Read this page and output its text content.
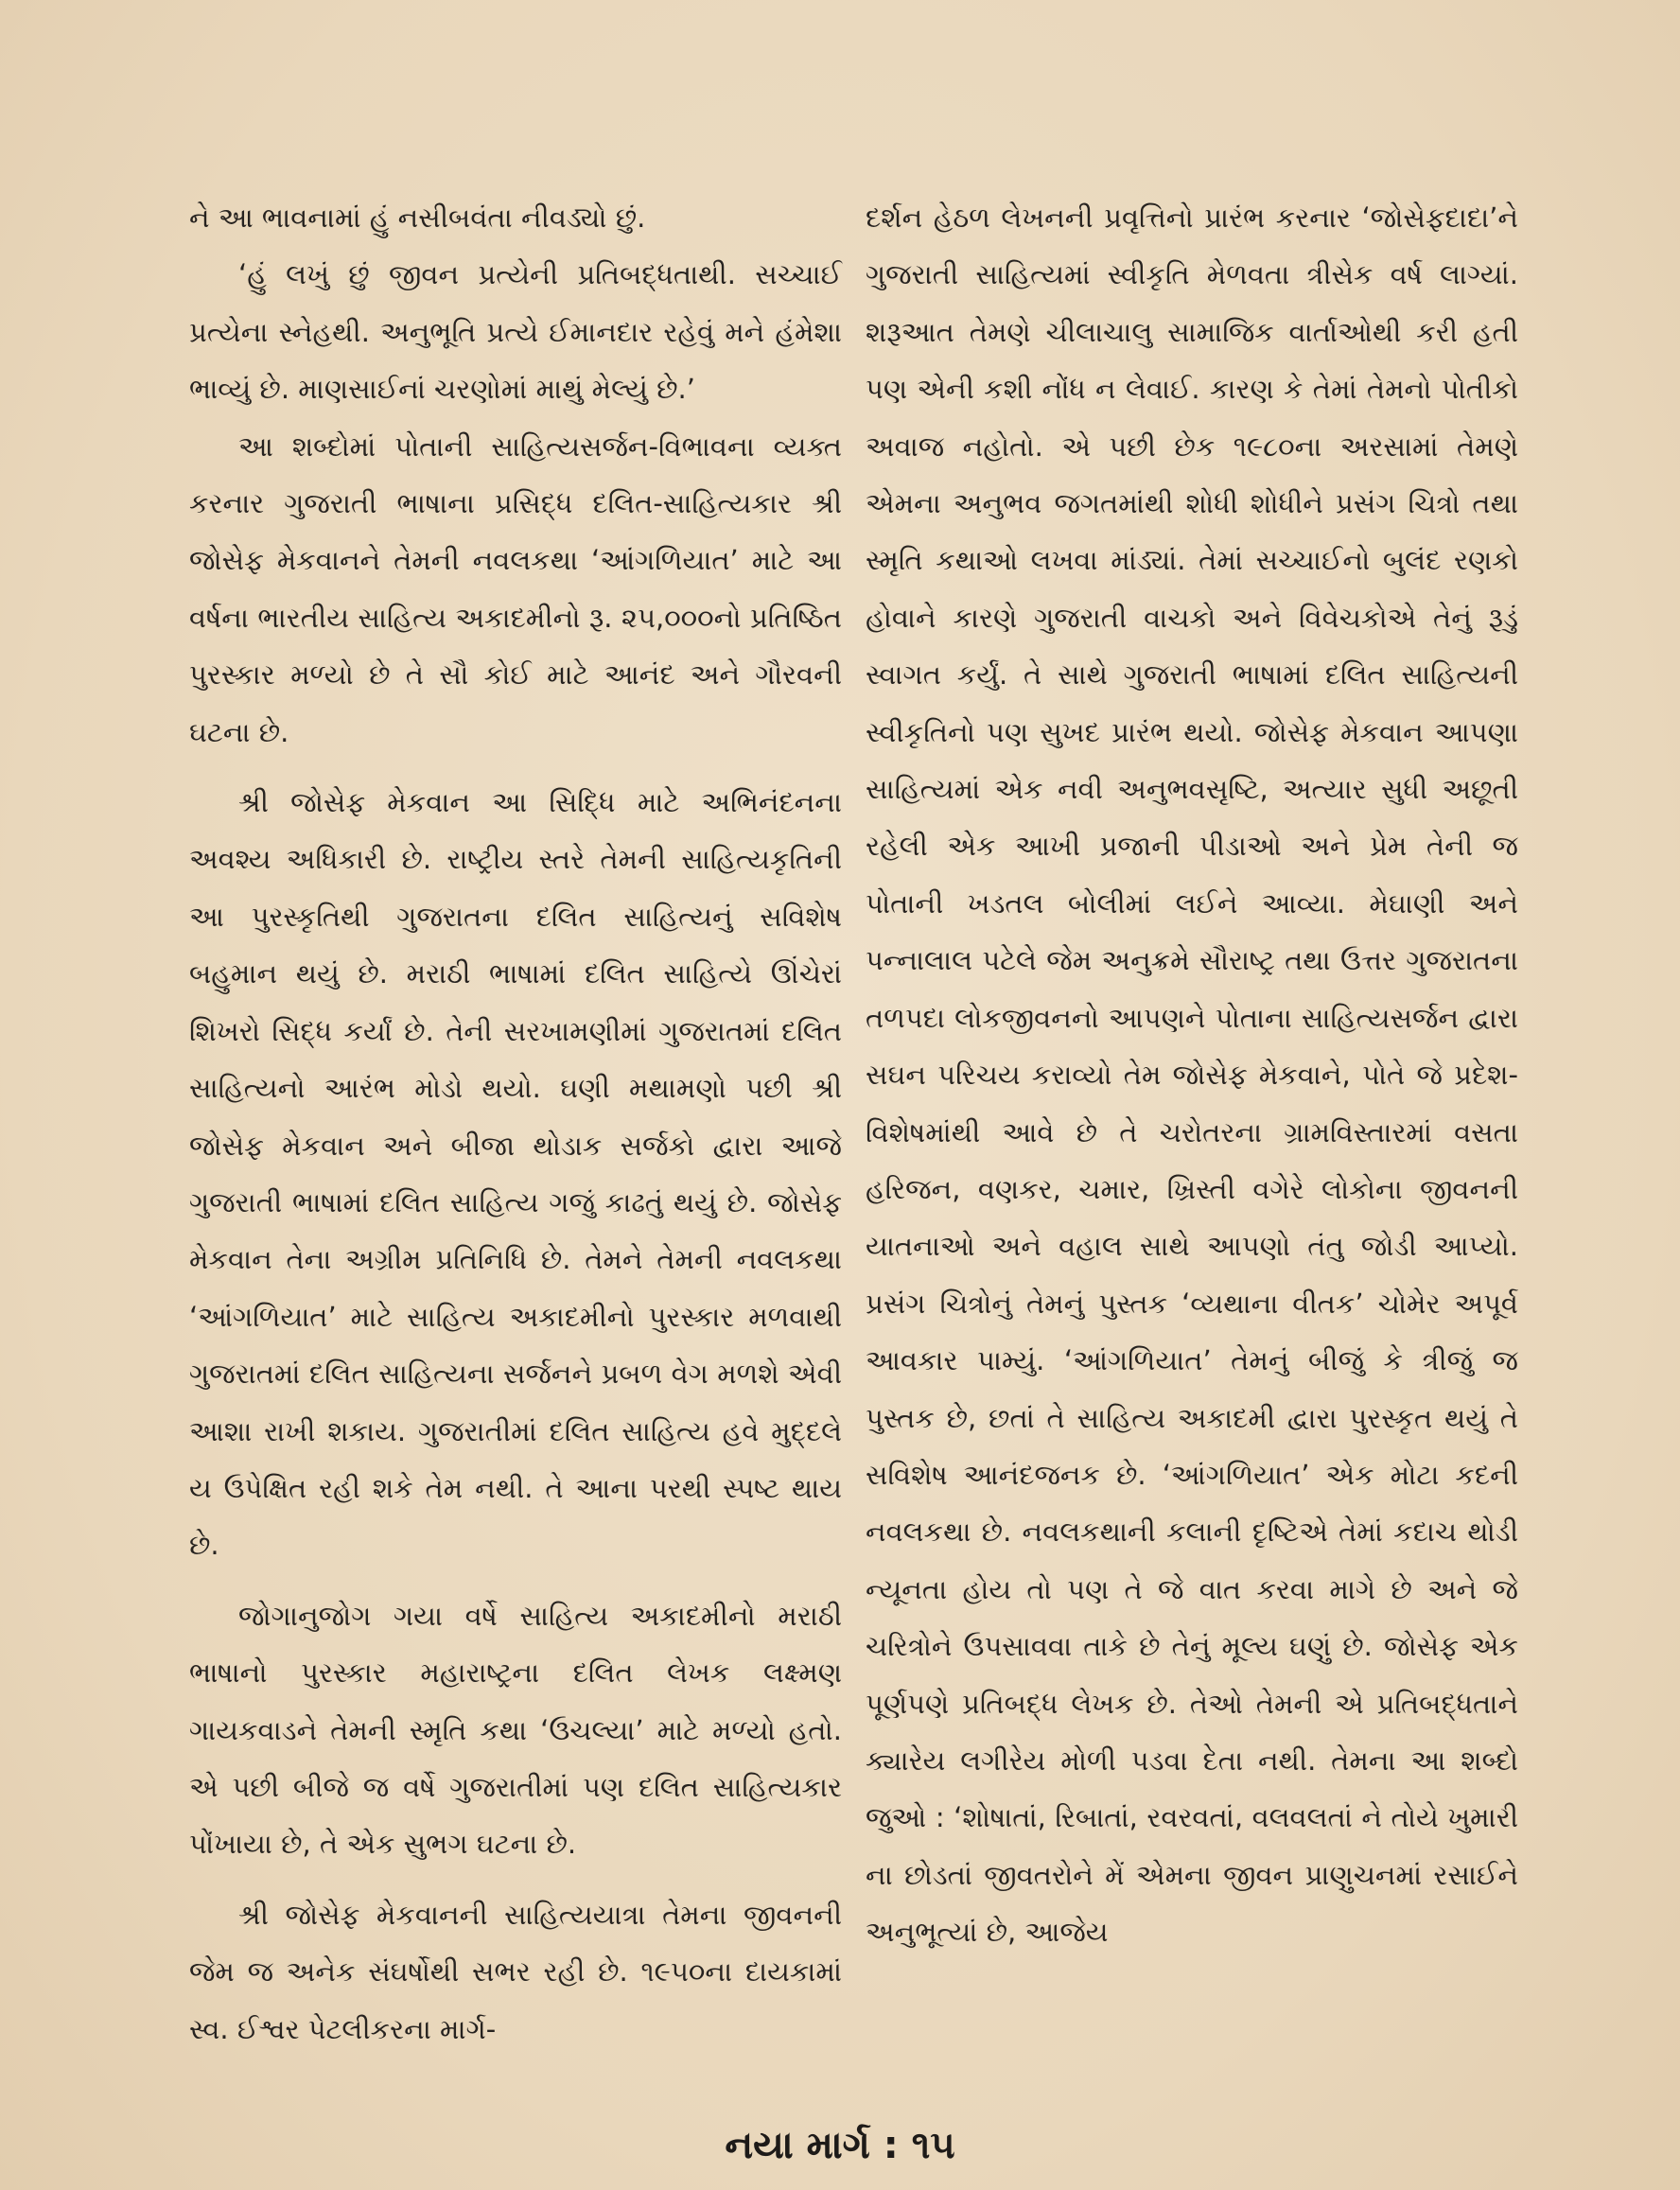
ને આ ભાવનામાં હું નસીબવંતા નીવડ્યો છું.

‘હું લખું છું જીવન પ્રત્યેની પ્રતિબદ્ધતાથી. સચ્ચાઈ પ્રત્યેના સ્નેહથી. અનુભૂતિ પ્રત્યે ઈમાનદાર રહેવું મને હંમેશા ભાવ્યું છે. માણસાઈનાં ચરણોમાં માથું મેલ્યું છે.’

આ શબ્દોમાં પોતાની સાહિત્યસર્જન-વિભાવના વ્યક્ત કરનાર ગુજરાતી ભાષાના પ્રસિદ્ધ દલિત-સાહિત્યકાર શ્રી જોસેફ મેકવાનને તેમની નવલકથા ‘આંગળિયાત’ માટે આ વર્ષના ભારતીય સાહિત્ય અકાદમીનો રૂ. ૨૫,૦૦૦નો પ્રતિષ્ઠિત પુરસ્કાર મળ્યો છે તે સૌ કોઈ માટે આનંદ અને ગૌરવની ઘટના છે.

શ્રી જોસેફ મેકવાન આ સિદ્ધિ માટે અભિનંદનના અવશ્ય અધિકારી છે. રાષ્ટ્રીય સ્તરે તેમની સાહિત્યકૃતિની આ પુરસ્કૃતિથી ગુજરાતના દલિત સાહિત્યનું સવિશેષ બહુમાન થયું છે. મરાઠી ભાષામાં દલિત સાહિત્યે ઊંચેરાં શિખરો સિદ્ધ કર્યાં છે. તેની સરખામણીમાં ગુજરાતમાં દલિત સાહિત્યનો આરંભ મોડો થયો. ઘણી મથામણો પછી શ્રી જોસેફ મેકવાન અને બીજા થોડાક સર્જકો દ્વારા આજે ગુજરાતી ભાષામાં દલિત સાહિત્ય ગજું કાઢતું થયું છે. જોસેફ મેકવાન તેના અગ્રીમ પ્રતિનિધિ છે. તેમને તેમની નવલકથા ‘આંગળિયાત’ માટે સાહિત્ય અકાદમીનો પુરસ્કાર મળવાથી ગુજરાતમાં દલિત સાહિત્યના સર્જનને પ્રબળ વેગ મળશે એવી આશા રાખી શકાય. ગુજરાતીમાં દલિત સાહિત્ય હવે મુદ્દલે ય ઉપેક્ષિત રહી શકે તેમ નથી. તે આના પરથી સ્પષ્ટ થાય છે.

જોગાનુજોગ ગયા વર્ષે સાહિત્ય અકાદમીનો મરાઠી ભાષાનો પુરસ્કાર મહારાષ્ટ્રના દલિત લેખક લક્ષ્મણ ગાયકવાડને તેમની સ્મૃતિ કથા ‘ઉચલ્યા’ માટે મળ્યો હતો. એ પછી બીજે જ વર્ષે ગુજરાતીમાં પણ દલિત સાહિત્યકાર પોંખાયા છે, તે એક સુભગ ઘટના છે.

શ્રી જોસેફ મેકવાનની સાહિત્યયાત્રા તેમના જીવનની જેમ જ અનેક સંઘર્ષોથી સભર રહી છે. ૧૯૫૦ના દાયકામાં સ્વ. ઈશ્વર પેટલીકરના માર્ગ-

દર્શન હેઠળ લેખનની પ્રવૃત્તિનો પ્રારંભ કરનાર ‘જોસેફદાદા’ને ગુજરાતી સાહિત્યમાં સ્વીકૃતિ મેળવતા ત્રીસેક વર્ષ લાગ્યાં. શરૂઆત તેમણે ચીલાચાલુ સામાજિક વાર્તાઓથી કરી હતી પણ એની કશી નોંધ ન લેવાઈ. કારણ કે તેમાં તેમનો પોતીકો અવાજ નહોતો. એ પછી છેક ૧૯૮૦ના અરસામાં તેમણે એમના અનુભવ જગતમાંથી શોધી શોધીને પ્રસંગ ચિત્રો તથા સ્મૃતિ કથાઓ લખવા માંડ્યાં. તેમાં સચ્ચાઈનો બુલંદ રણકો હોવાને કારણે ગુજરાતી વાચકો અને વિવેચકોએ તેનું રૂડું સ્વાગત કર્યું. તે સાથે ગુજરાતી ભાષામાં દલિત સાહિત્યની સ્વીકૃતિનો પણ સુખદ પ્રારંભ થયો. જોસેફ મેકવાન આપણા સાહિત્યમાં એક નવી અનુભવસૃષ્ટિ, અત્યાર સુધી અછૂતી રહેલી એક આખી પ્રજાની પીડાઓ અને પ્રેમ તેની જ પોતાની ખડતલ બોલીમાં લઈને આવ્યા. મેઘાણી અને પન્નાલાલ પટેલે જેમ અનુક્રમે સૌરાષ્ટ્ર તથા ઉત્તર ગુજરાતના તળપદા લોકજીવનનો આપણને પોતાના સાહિત્યસર્જન દ્વારા સઘન પરિચય કરાવ્યો તેમ જોસેફ મેકવાને, પોતે જે પ્રદેશ-વિશેષમાંથી આવે છે તે ચરોતરના ગ્રામવિસ્તારમાં વસતા હરિજન, વણકર, ચમાર, ખ્રિસ્તી વગેરે લોકોના જીવનની યાતનાઓ અને વહાલ સાથે આપણો તંતુ જોડી આપ્યો. પ્રસંગ ચિત્રોનું તેમનું પુસ્તક ‘વ્યથાના વીતક’ ચોમેર અપૂર્વ આવકાર પામ્યું. ‘આંગળિયાત’ તેમનું બીજું કે ત્રીજું જ પુસ્તક છે, છતાં તે સાહિત્ય અકાદમી દ્વારા પુરસ્કૃત થયું તે સવિશેષ આનંદજનક છે. ‘આંગળિયાત’ એક મોટા કદની નવલકથા છે. નવલકથાની કલાની દૃષ્ટિએ તેમાં કદાચ થોડી ન્યૂનતા હોય તો પણ તે જે વાત કરવા માગે છે અને જે ચરિત્રોને ઉપસાવવા તાકે છે તેનું મૂલ્ય ઘણું છે. જોસેફ એક પૂર્ણપણે પ્રતિબદ્ધ લેખક છે. તેઓ તેમની એ પ્રતિબદ્ધતાને ક્યારેય લગીરેય મોળી પડવા દેતા નથી. તેમના આ શબ્દો જુઓ : ‘શોષાતાં, રિબાતાં, રવરવતાં, વલવલતાં ને તોયે ખુમારી ના છોડતાં જીવતરોને મેં એમના જીવન પ્રાણુચનમાં રસાઈને અનુભૂત્યાં છે, આજેય

નયા માર્ગ : ૧૫
